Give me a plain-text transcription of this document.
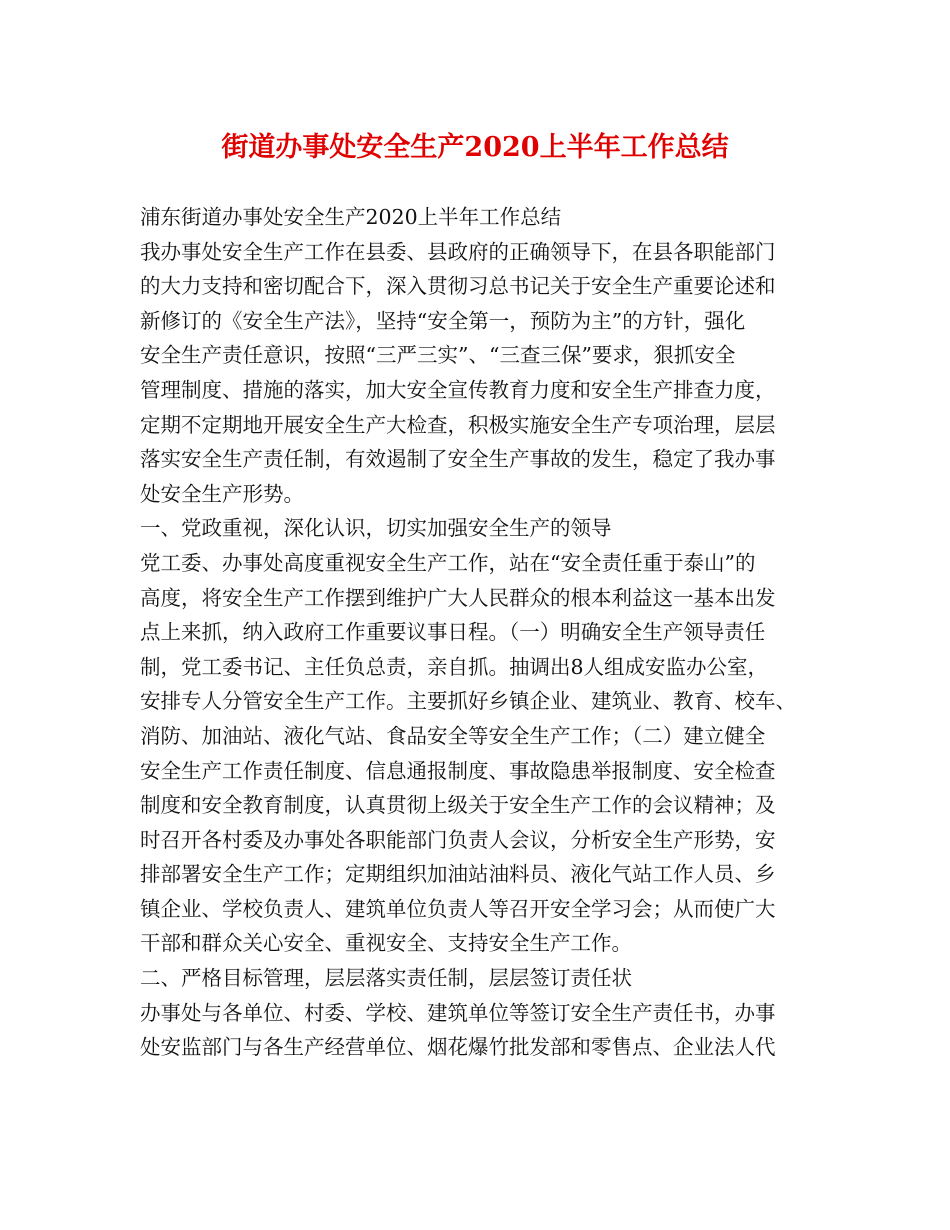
街道办事处安全生产2020上半年工作总结
浦东街道办事处安全生产2020上半年工作总结
我办事处安全生产工作在县委、县政府的正确领导下，在县各职能部门
的大力支持和密切配合下，深入贯彻习总书记关于安全生产重要论述和
新修订的《安全生产法》，坚持“安全第一，预防为主”的方针，强化
安全生产责任意识，按照“三严三实”、“三查三保”要求，狠抓安全
管理制度、措施的落实，加大安全宣传教育力度和安全生产排查力度，
定期不定期地开展安全生产大检查，积极实施安全生产专项治理，层层
落实安全生产责任制，有效遏制了安全生产事故的发生，稳定了我办事
处安全生产形势。
一、党政重视，深化认识，切实加强安全生产的领导
党工委、办事处高度重视安全生产工作，站在“安全责任重于泰山”的
高度，将安全生产工作摆到维护广大人民群众的根本利益这一基本出发
点上来抓，纳入政府工作重要议事日程。（一）明确安全生产领导责任
制，党工委书记、主任负总责，亲自抓。抽调出8人组成安监办公室，
安排专人分管安全生产工作。主要抓好乡镇企业、建筑业、教育、校车、
消防、加油站、液化气站、食品安全等安全生产工作；（二）建立健全
安全生产工作责任制度、信息通报制度、事故隐患举报制度、安全检查
制度和安全教育制度，认真贯彻上级关于安全生产工作的会议精神；及
时召开各村委及办事处各职能部门负责人会议，分析安全生产形势，安
排部署安全生产工作；定期组织加油站油料员、液化气站工作人员、乡
镇企业、学校负责人、建筑单位负责人等召开安全学习会；从而使广大
干部和群众关心安全、重视安全、支持安全生产工作。
二、严格目标管理，层层落实责任制，层层签订责任状
办事处与各单位、村委、学校、建筑单位等签订安全生产责任书，办事
处安监部门与各生产经营单位、烟花爆竹批发部和零售点、企业法人代
